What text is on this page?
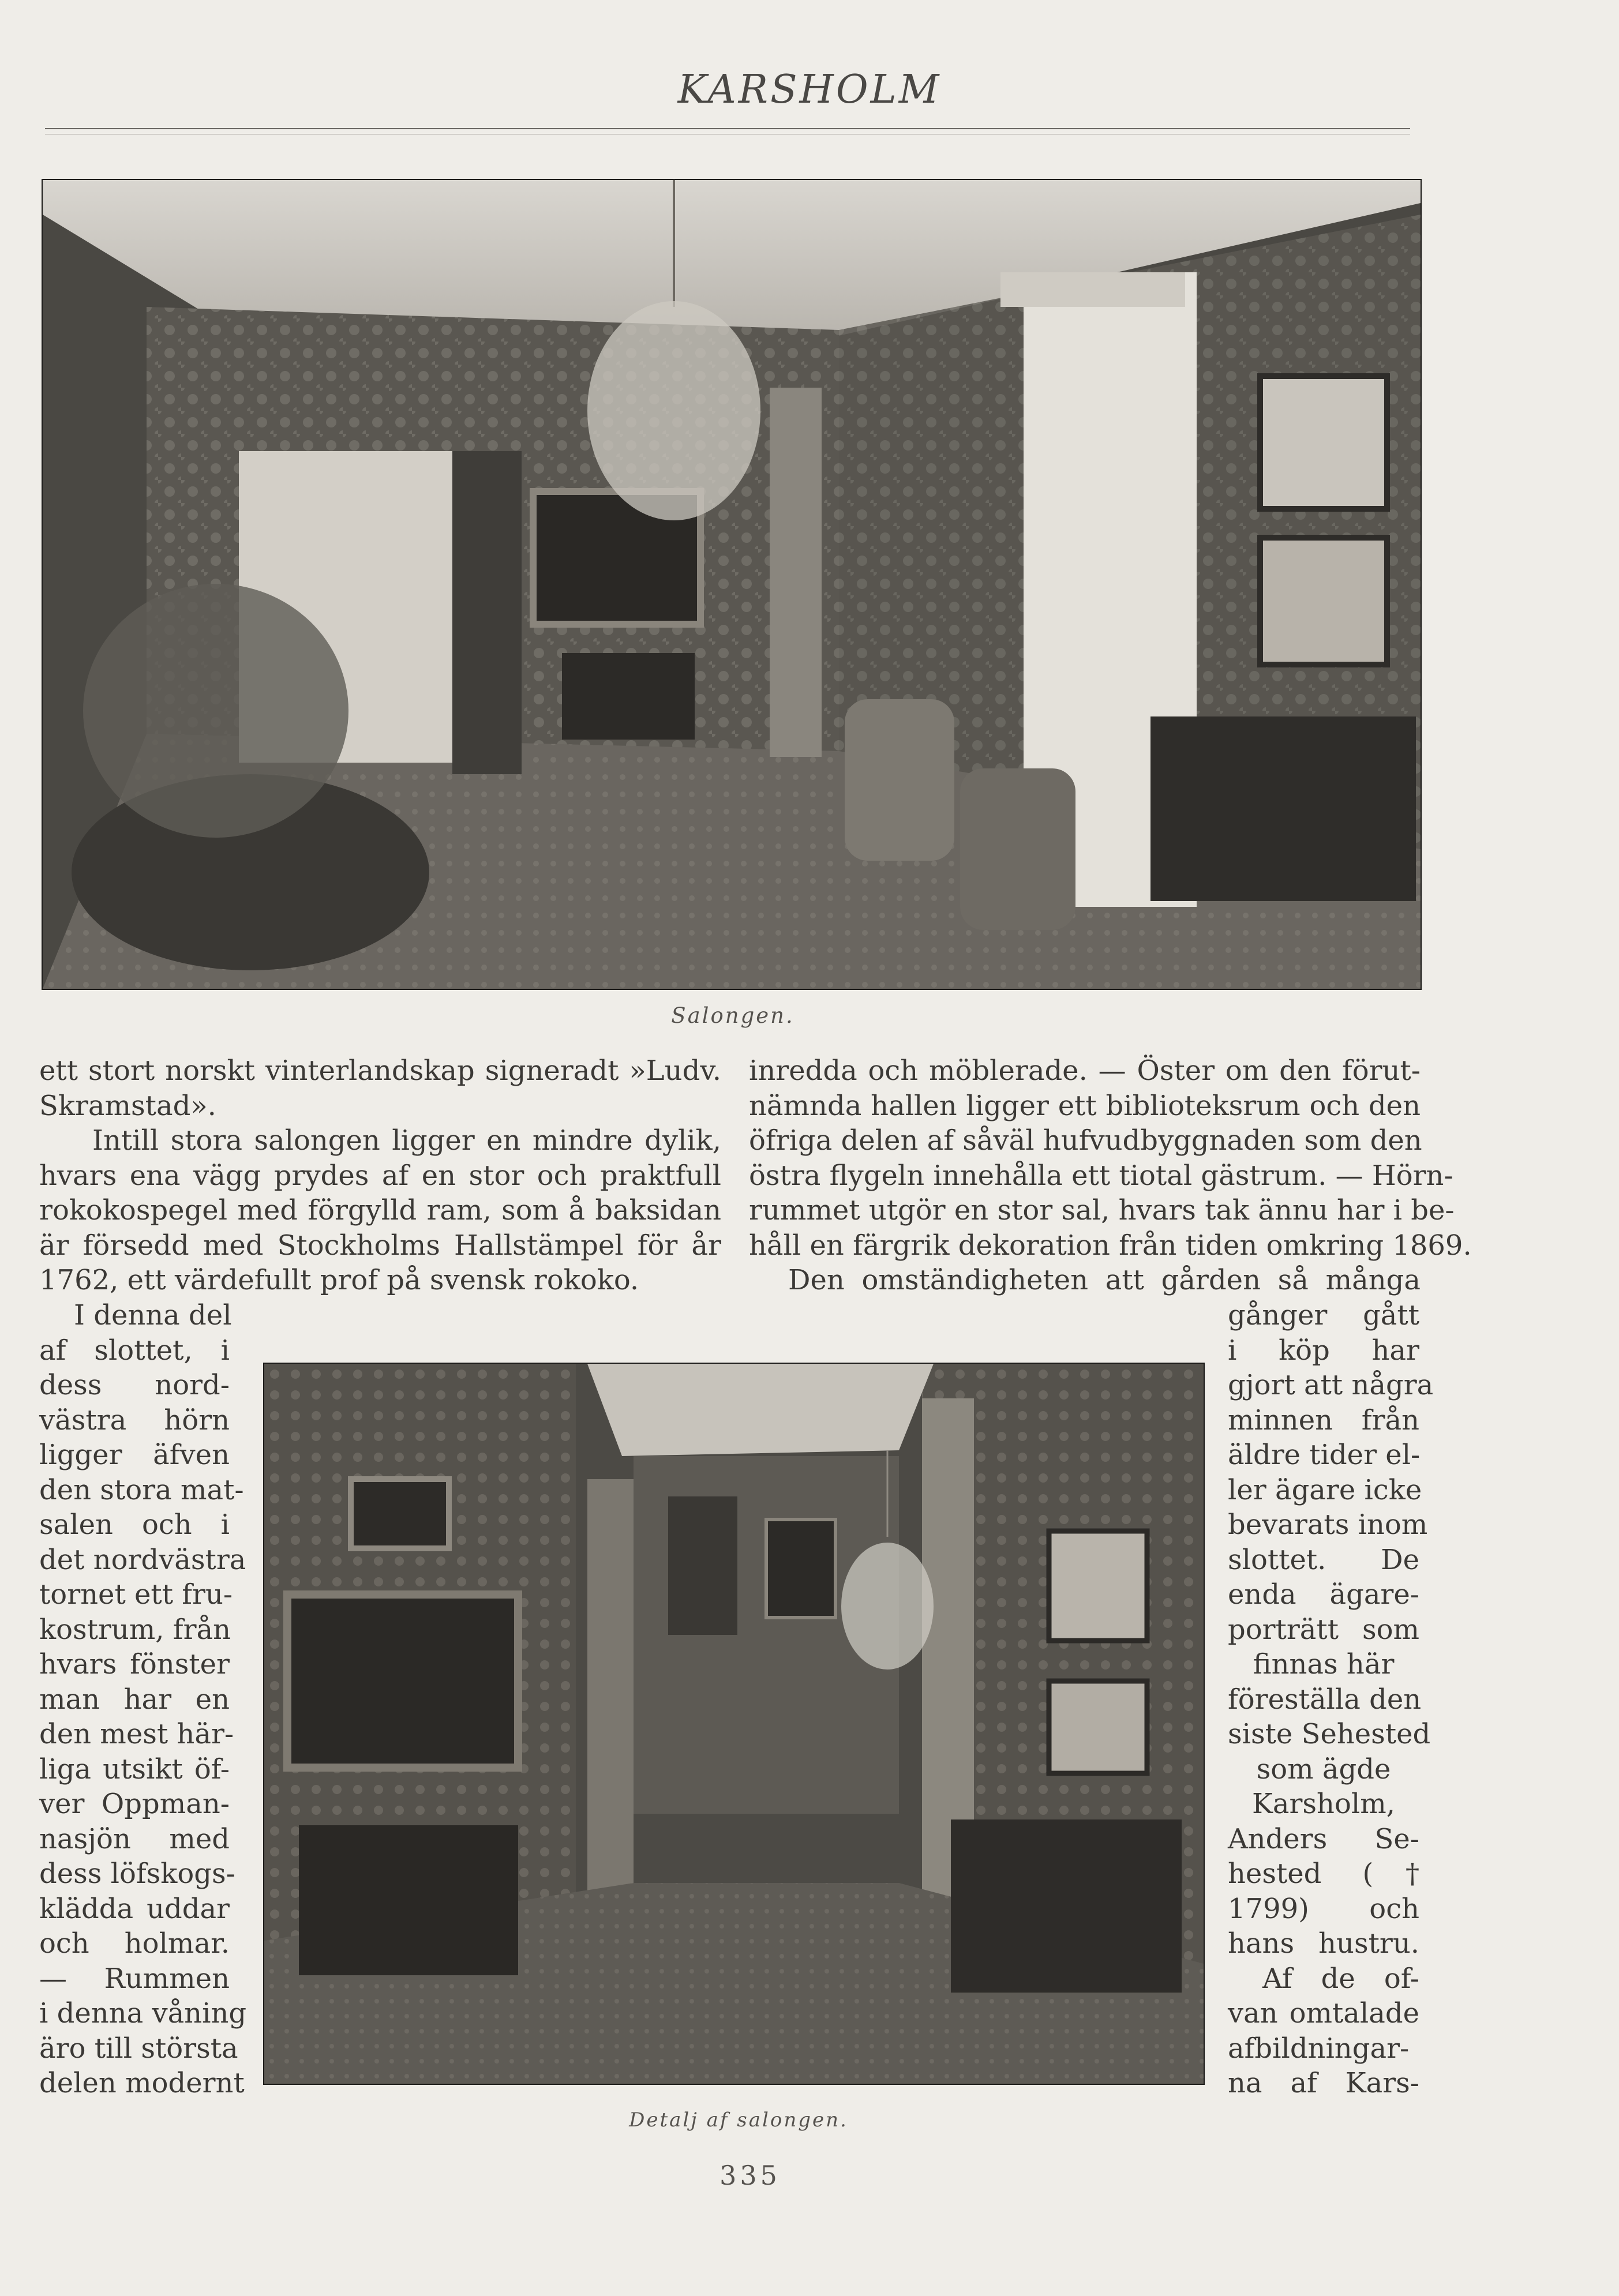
KARSHOLM
Salongen.
ett stort norskt vinterlandskap signeradt »Ludv.
Skramstad».
Intill stora salongen ligger en mindre dylik,
hvars ena vägg prydes af en stor och praktfull
rokokospegel med förgylld ram, som å baksidan
är försedd med Stockholms Hallstämpel för år
1762, ett värdefullt prof på svensk rokoko.
inredda och möblerade. — Öster om den förut-
nämnda hallen ligger ett biblioteksrum och den
öfriga delen af såväl hufvudbyggnaden som den
östra flygeln innehålla ett tiotal gästrum. — Hörn-
rummet utgör en stor sal, hvars tak ännu har i be-
håll en färgrik dekoration från tiden omkring 1869.
Den omständigheten att gården så många
I denna del
af slottet, i
dess nord-
västra hörn
ligger äfven
den stora mat-
salen och i
det nordvästra
tornet ett fru-
kostrum, från
hvars fönster
man har en
den mest här-
liga utsikt öf-
ver Oppman-
nasjön med
dess löfskogs-
klädda uddar
och holmar.
— Rummen
i denna våning
äro till största
delen modernt
Detalj af salongen.
gånger gått
i köp har
gjort att några
minnen från
äldre tider el-
ler ägare icke
bevarats inom
slottet. De
enda ägare-
porträtt som
finnas här
föreställa den
siste Sehested
som ägde
Karsholm,
Anders Se-
hested (†
1799) och
hans hustru.
Af de of-
van omtalade
afbildningar-
na af Kars-
335
